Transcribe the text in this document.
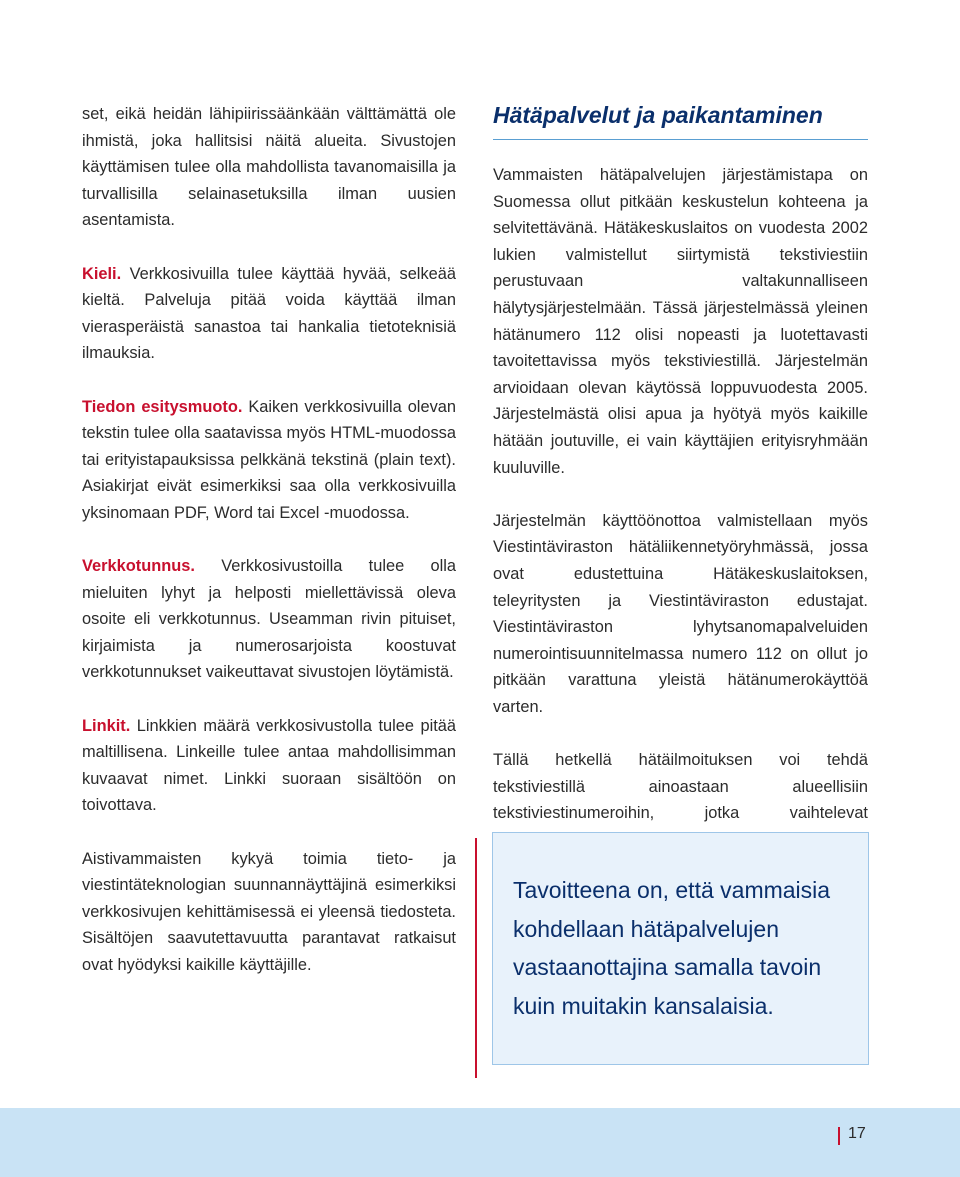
set, eikä heidän lähipiirissäänkään välttämättä ole ihmistä, joka hallitsisi näitä alueita. Sivustojen käyttämisen tulee olla mahdollista tavanomaisilla ja turvallisilla selainasetuksilla ilman uusien asentamista.

Kieli. Verkkosivuilla tulee käyttää hyvää, selkeää kieltä. Palveluja pitää voida käyttää ilman vierasperäistä sanastoa tai hankalia tietoteknisiä ilmauksia.

Tiedon esitysmuoto. Kaiken verkkosivuilla olevan tekstin tulee olla saatavissa myös HTML-muodossa tai erityistapauksissa pelkkänä tekstinä (plain text). Asiakirjat eivät esimerkiksi saa olla verkkosivuilla yksinomaan PDF, Word tai Excel -muodossa.

Verkkotunnus. Verkkosivustoilla tulee olla mieluiten lyhyt ja helposti miellettävissä oleva osoite eli verkkotunnus. Useamman rivin pituiset, kirjaimista ja numerosarjoista koostuvat verkkotunnukset vaikeuttavat sivustojen löytämistä.

Linkit. Linkkien määrä verkkosivustolla tulee pitää maltillisena. Linkeille tulee antaa mahdollisimman kuvaavat nimet. Linkki suoraan sisältöön on toivottava.

Aistivammaisten kykyä toimia tieto- ja viestintäteknologian suunnannäyttäjinä esimerkiksi verkkosivujen kehittämisessä ei yleensä tiedosteta. Sisältöjen saavutettavuutta parantavat ratkaisut ovat hyödyksi kaikille käyttäjille.

Hätäpalvelut ja paikantaminen

Vammaisten hätäpalvelujen järjestämistapa on Suomessa ollut pitkään keskustelun kohteena ja selvitettävänä. Hätäkeskuslaitos on vuodesta 2002 lukien valmistellut siirtymistä tekstiviestiin perustuvaan valtakunnalliseen hälytysjärjestelmään. Tässä järjestelmässä yleinen hätänumero 112 olisi nopeasti ja luotettavasti tavoitettavissa myös tekstiviestillä. Järjestelmän arvioidaan olevan käytössä loppuvuodesta 2005. Järjestelmästä olisi apua ja hyötyä myös kaikille hätään joutuville, ei vain käyttäjien erityisryhmään kuuluville.

Järjestelmän käyttöönottoa valmistellaan myös Viestintäviraston hätäliikennetyöryhmässä, jossa ovat edustettuina Hätäkeskuslaitoksen, teleyritysten ja Viestintäviraston edustajat. Viestintäviraston lyhytsanomapalveluiden numerointisuunnitelmassa numero 112 on ollut jo pitkään varattuna yleistä hätänumerokäyttöä varten.

Tällä hetkellä hätäilmoituksen voi tehdä tekstiviestillä ainoastaan alueellisiin tekstiviestinumeroihin, jotka vaihtelevat

Tavoitteena on, että vammaisia kohdellaan hätäpalvelujen vastaanottajina samalla tavoin kuin muitakin kansalaisia.

17
